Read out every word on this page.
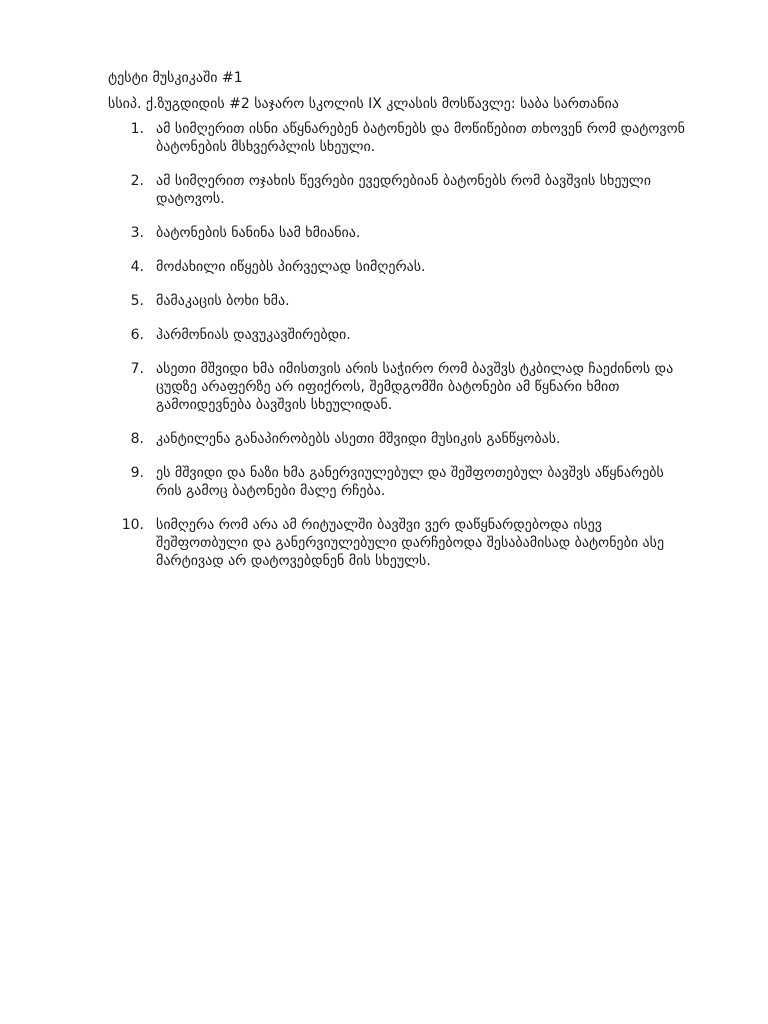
ტესტი მუსკიკაში #1
სსიპ. ქ.ზუგდიდის #2 საჯარო სკოლის IX კლასის მოსწავლე: საბა სართანია
1. ამ სიმღერით ისნი აწყნარებენ ბატონებს და მოწიწებით თხოვენ რომ დატოვონ ბატონების მსხვერპლის სხეული.
2. ამ სიმღერით ოჯახის წევრები ევედრებიან ბატონებს რომ ბავშვის სხეული დატოვოს.
3. ბატონების ნანინა სამ ხმიანია.
4. მოძახილი იწყებს პირველად სიმღერას.
5. მამაკაცის ბოხი ხმა.
6. ჰარმონიას დავუკავშირებდი.
7. ასეთი მშვიდი ხმა იმისთვის არის საჭირო რომ ბავშვს ტკბილად ჩაეძინოს და ცუდზე არაფერზე არ იფიქროს, შემდგომში ბატონები ამ წყნარი ხმით გამოიდევნება ბავშვის სხეულიდან.
8. კანტილენა განაპირობებს ასეთი მშვიდი მუსიკის განწყობას.
9. ეს მშვიდი და ნაზი ხმა განერვიულებულ და შეშფოთებულ ბავშვს აწყნარებს რის გამოც ბატონები მალე რჩება.
10. სიმღერა რომ არა ამ რიტუალში ბავშვი ვერ დაწყნარდებოდა ისევ შეშფოთბული და განერვიულებული დარჩებოდა შესაბამისად ბატონები ასე მარტივად არ დატოვებდნენ მის სხეულს.
